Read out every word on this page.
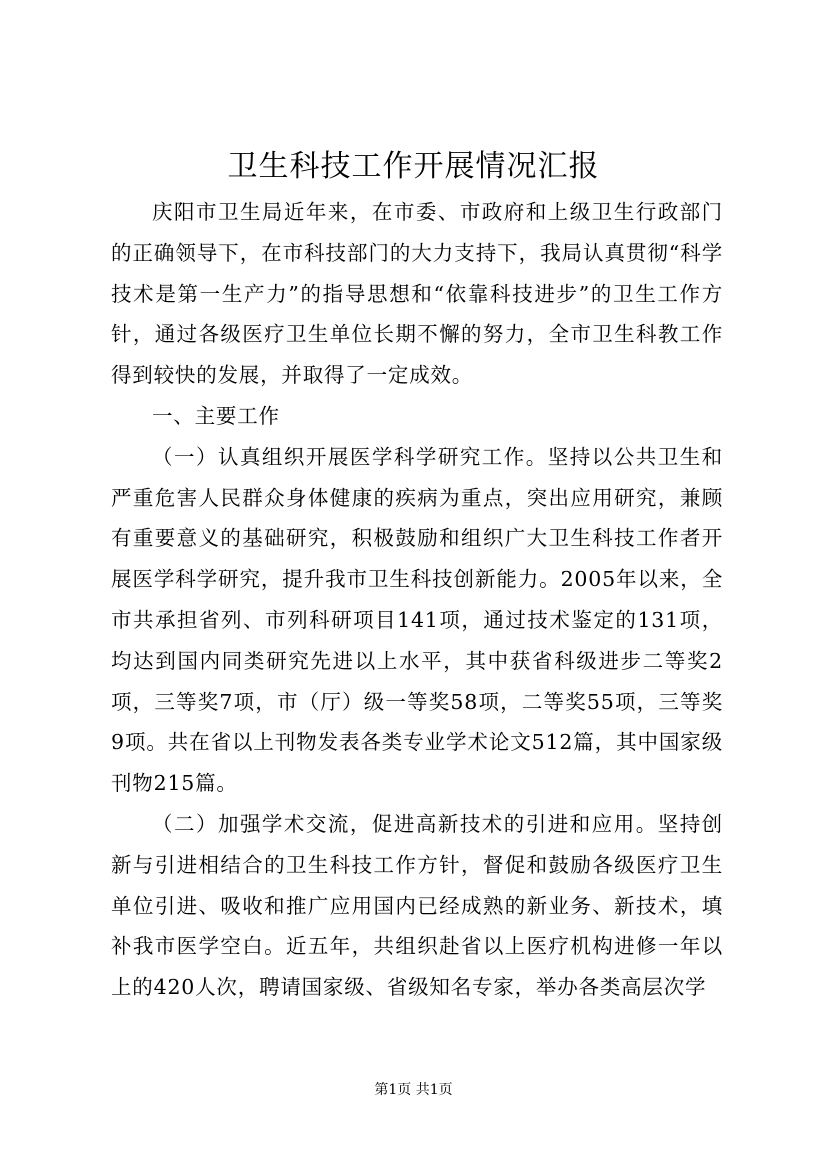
卫生科技工作开展情况汇报

庆阳市卫生局近年来，在市委、市政府和上级卫生行政部门的正确领导下，在市科技部门的大力支持下，我局认真贯彻“科学技术是第一生产力”的指导思想和“依靠科技进步”的卫生工作方针，通过各级医疗卫生单位长期不懈的努力，全市卫生科教工作得到较快的发展，并取得了一定成效。

一、主要工作

（一）认真组织开展医学科学研究工作。坚持以公共卫生和严重危害人民群众身体健康的疾病为重点，突出应用研究，兼顾有重要意义的基础研究，积极鼓励和组织广大卫生科技工作者开展医学科学研究，提升我市卫生科技创新能力。2005年以来，全市共承担省列、市列科研项目141项，通过技术鉴定的131项，均达到国内同类研究先进以上水平，其中获省科级进步二等奖2项，三等奖7项，市（厅）级一等奖58项，二等奖55项，三等奖9项。共在省以上刊物发表各类专业学术论文512篇，其中国家级刊物215篇。

（二）加强学术交流，促进高新技术的引进和应用。坚持创新与引进相结合的卫生科技工作方针，督促和鼓励各级医疗卫生单位引进、吸收和推广应用国内已经成熟的新业务、新技术，填补我市医学空白。近五年，共组织赴省以上医疗机构进修一年以上的420人次，聘请国家级、省级知名专家，举办各类高层次学

第1页 共1页
